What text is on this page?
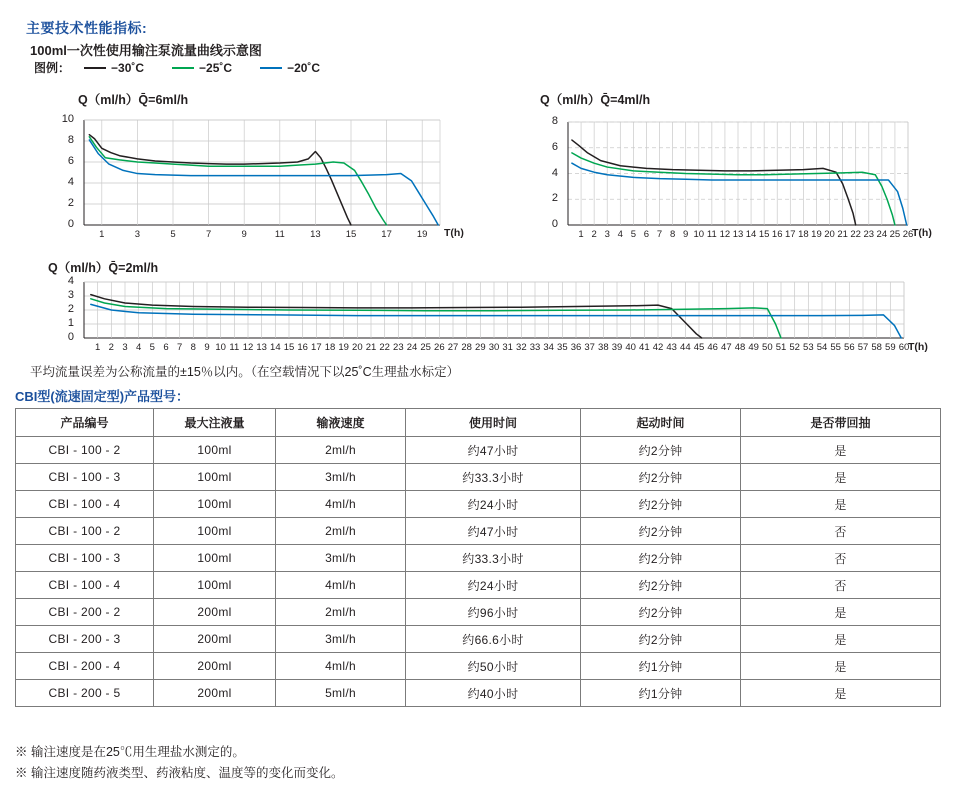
主要技术性能指标:
100ml一次性使用输注泵流量曲线示意图
图例：	−30˚C	−25˚C	−20˚C
Q（ml/h）Q̄=6ml/h
0
2
4
6
8
10
1	3	5	7	9	11	13	15	17	19 T(h)
Q（ml/h）Q̄=4ml/h
0
2
4
6
8
1 2 3 4 5 6 7 8 9 10 11 12 13 14 15 16 17 18 19 20 21 22 23 24 25 26
T(h)
Q（ml/h）Q̄=2ml/h
0
1
2
3
4
1 2 3 4 5 6 7 8 9 10 11 12 13 14 15 16 17 18 19 20 21 22 23 24 25 26 27 28 29 30 31 32 33 34 35 36 37 38 39 40 41 42 43 44 45 46 47 48 49 50 51 52 53 54 55 56 57 58 59 60
T(h)
平均流量误差为公称流量的±15％以内。（在空载情况下以25˚C生理盐水标定）
CBI型(流速固定型)产品型号：
产品编号	最大注液量	输液速度	使用时间	起动时间	是否带回抽
CBI - 100 - 2	100ml	2ml/h	约47小时	约2分钟	是
CBI - 100 - 3	100ml	3ml/h	约33.3小时	约2分钟	是
CBI - 100 - 4	100ml	4ml/h	约24小时	约2分钟	是
CBI - 100 - 2	100ml	2ml/h	约47小时	约2分钟	否
CBI - 100 - 3	100ml	3ml/h	约33.3小时	约2分钟	否
CBI - 100 - 4	100ml	4ml/h	约24小时	约2分钟	否
CBI - 200 - 2	200ml	2ml/h	约96小时	约2分钟	是
CBI - 200 - 3	200ml	3ml/h	约66.6小时	约2分钟	是
CBI - 200 - 4	200ml	4ml/h	约50小时	约1分钟	是
CBI - 200 - 5	200ml	5ml/h	约40小时	约1分钟	是
※ 输注速度是在25℃用生理盐水测定的。
※ 输注速度随药液类型、药液粘度、温度等的变化而变化。
